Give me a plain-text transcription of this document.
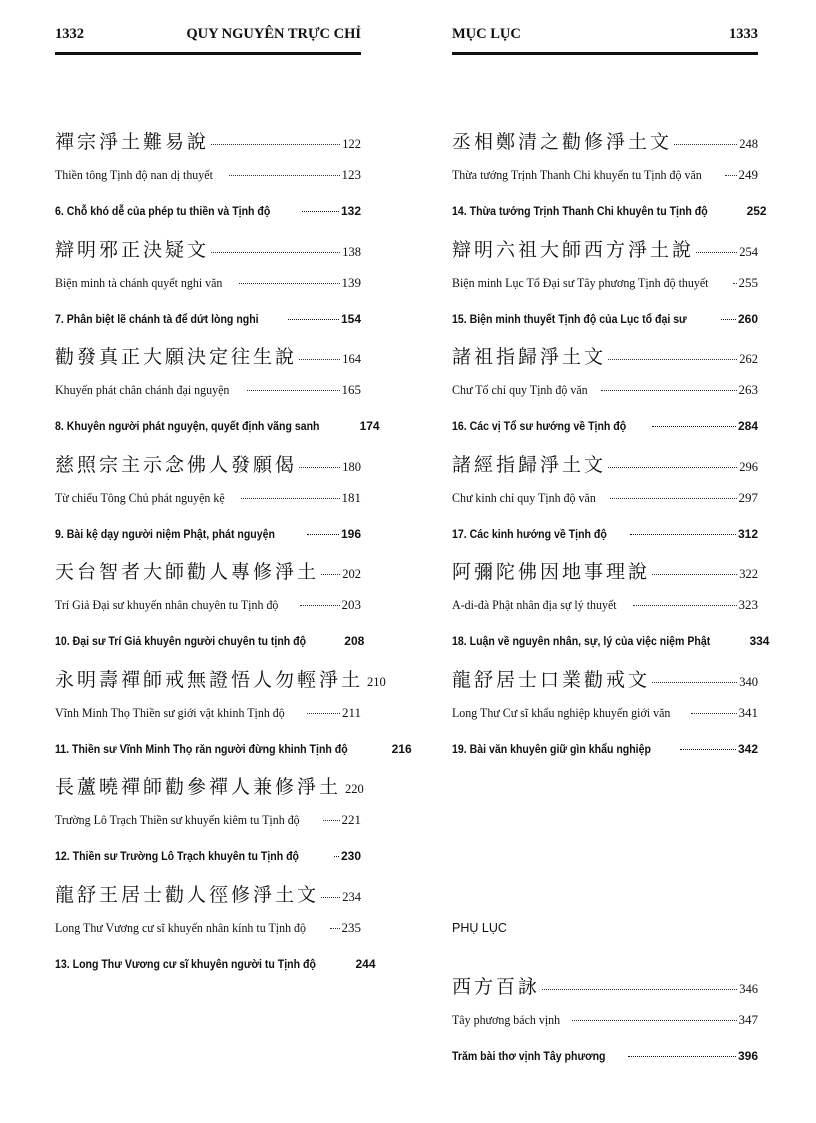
1332	QUY NGUYÊN TRỰC CHỈ
禪宗淨土難易說	122
Thiền tông Tịnh độ nan dị thuyết	123
6. Chỗ khó dễ của phép tu thiền và Tịnh độ	132
辯明邪正決疑文	138
Biện minh tà chánh quyết nghi văn	139
7. Phân biệt lẽ chánh tà để dứt lòng nghi	154
勸發真正大願決定往生說	164
Khuyến phát chân chánh đại nguyện	165
8. Khuyên người phát nguyện, quyết định vãng sanh	174
慈照宗主示念佛人發願偈	180
Từ chiếu Tông Chủ phát nguyện kệ	181
9. Bài kệ dạy người niệm Phật, phát nguyện	196
天台智者大師勸人專修淨土 202
Trí Giả Đại sư khuyến nhân chuyên tu Tịnh độ	203
10. Đại sư Trí Giả khuyên người chuyên tu tịnh độ	208
永明壽禪師戒無證悟人勿輕淨土 210
Vĩnh Minh Thọ Thiền sư giới vật khinh Tịnh độ	211
11. Thiền sư Vĩnh Minh Thọ răn người đừng khinh Tịnh độ	216
長蘆曉禪師勸參禪人兼修淨土 220
Trường Lô Trạch Thiền sư khuyến kiêm tu Tịnh độ	221
12. Thiền sư Trường Lô Trạch khuyên tu Tịnh độ	230
龍舒王居士勸人徑修淨土文 234
Long Thư Vương cư sĩ khuyến nhân kính tu Tịnh độ	235
13. Long Thư Vương cư sĩ khuyên người tu Tịnh độ	244
MỤC LỤC	1333
丞相鄭清之勸修淨土文	248
Thừa tướng Trịnh Thanh Chi khuyến tu Tịnh độ văn	249
14. Thừa tướng Trịnh Thanh Chi khuyên tu Tịnh độ	252
辯明六祖大師西方淨土說	254
Biện minh Lục Tổ Đại sư Tây phương Tịnh độ thuyết 255
15. Biện minh thuyết Tịnh độ của Lục tổ đại sư	260
諸祖指歸淨土文	262
Chư Tổ chỉ quy Tịnh độ văn	263
16. Các vị Tổ sư hướng về Tịnh độ	284
諸經指歸淨土文	296
Chư kinh chỉ quy Tịnh độ văn	297
17. Các kinh hướng về Tịnh độ	312
阿彌陀佛因地事理說	322
A-di-đà Phật nhân địa sự lý thuyết	323
18. Luận về nguyên nhân, sự, lý của việc niệm Phật	334
龍舒居士口業勸戒文	340
Long Thư Cư sĩ khẩu nghiệp khuyến giới văn	341
19. Bài văn khuyên giữ gìn khẩu nghiệp	342
PHỤ LỤC
西方百詠	346
Tây phương bách vịnh	347
Trăm bài thơ vịnh Tây phương	396
